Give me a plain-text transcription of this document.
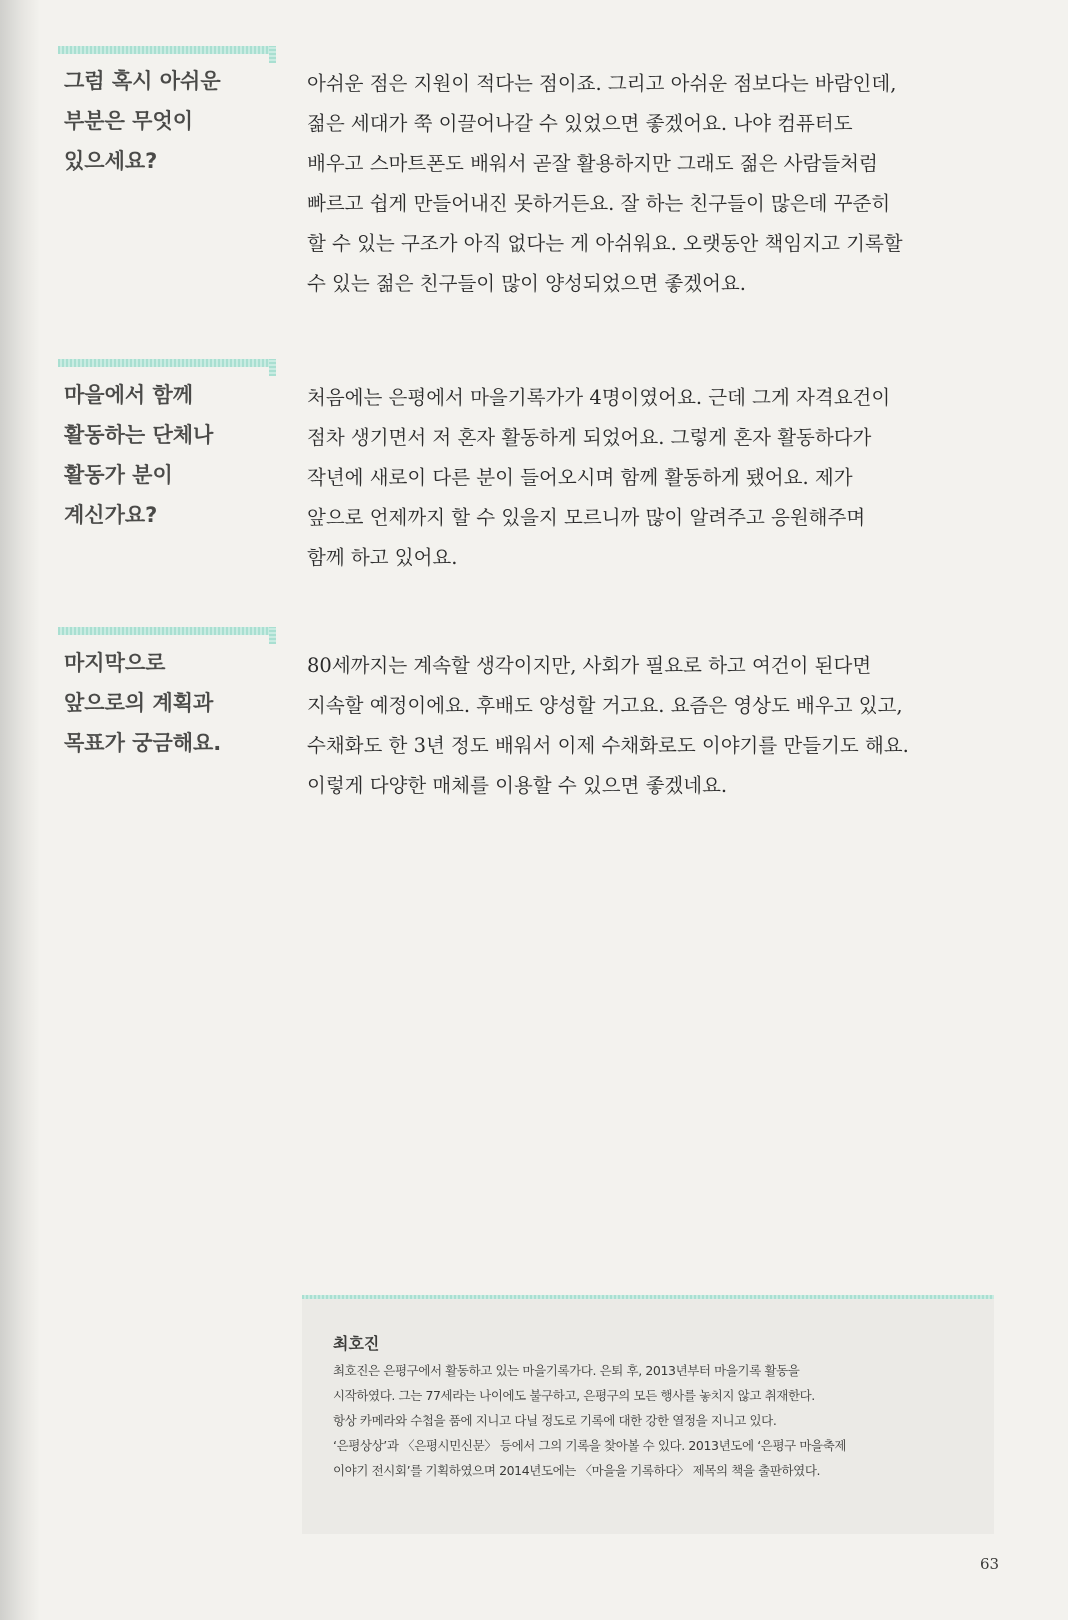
그럼 혹시 아쉬운
부분은 무엇이
있으세요?
아쉬운 점은 지원이 적다는 점이죠. 그리고 아쉬운 점보다는 바람인데,
젊은 세대가 쭉 이끌어나갈 수 있었으면 좋겠어요. 나야 컴퓨터도
배우고 스마트폰도 배워서 곧잘 활용하지만 그래도 젊은 사람들처럼
빠르고 쉽게 만들어내진 못하거든요. 잘 하는 친구들이 많은데 꾸준히
할 수 있는 구조가 아직 없다는 게 아쉬워요. 오랫동안 책임지고 기록할
수 있는 젊은 친구들이 많이 양성되었으면 좋겠어요.
마을에서 함께
활동하는 단체나
활동가 분이
계신가요?
처음에는 은평에서 마을기록가가 4명이였어요. 근데 그게 자격요건이
점차 생기면서 저 혼자 활동하게 되었어요. 그렇게 혼자 활동하다가
작년에 새로이 다른 분이 들어오시며 함께 활동하게 됐어요. 제가
앞으로 언제까지 할 수 있을지 모르니까 많이 알려주고 응원해주며
함께 하고 있어요.
마지막으로
앞으로의 계획과
목표가 궁금해요.
80세까지는 계속할 생각이지만, 사회가 필요로 하고 여건이 된다면
지속할 예정이에요. 후배도 양성할 거고요. 요즘은 영상도 배우고 있고,
수채화도 한 3년 정도 배워서 이제 수채화로도 이야기를 만들기도 해요.
이렇게 다양한 매체를 이용할 수 있으면 좋겠네요.
최호진
최호진은 은평구에서 활동하고 있는 마을기록가다. 은퇴 후, 2013년부터 마을기록 활동을
시작하였다. 그는 77세라는 나이에도 불구하고, 은평구의 모든 행사를 놓치지 않고 취재한다.
항상 카메라와 수첩을 품에 지니고 다닐 정도로 기록에 대한 강한 열정을 지니고 있다.
‘은평상상’과 〈은평시민신문〉 등에서 그의 기록을 찾아볼 수 있다. 2013년도에 ‘은평구 마을축제
이야기 전시회’를 기획하였으며 2014년도에는 〈마을을 기록하다〉 제목의 책을 출판하였다.
63
